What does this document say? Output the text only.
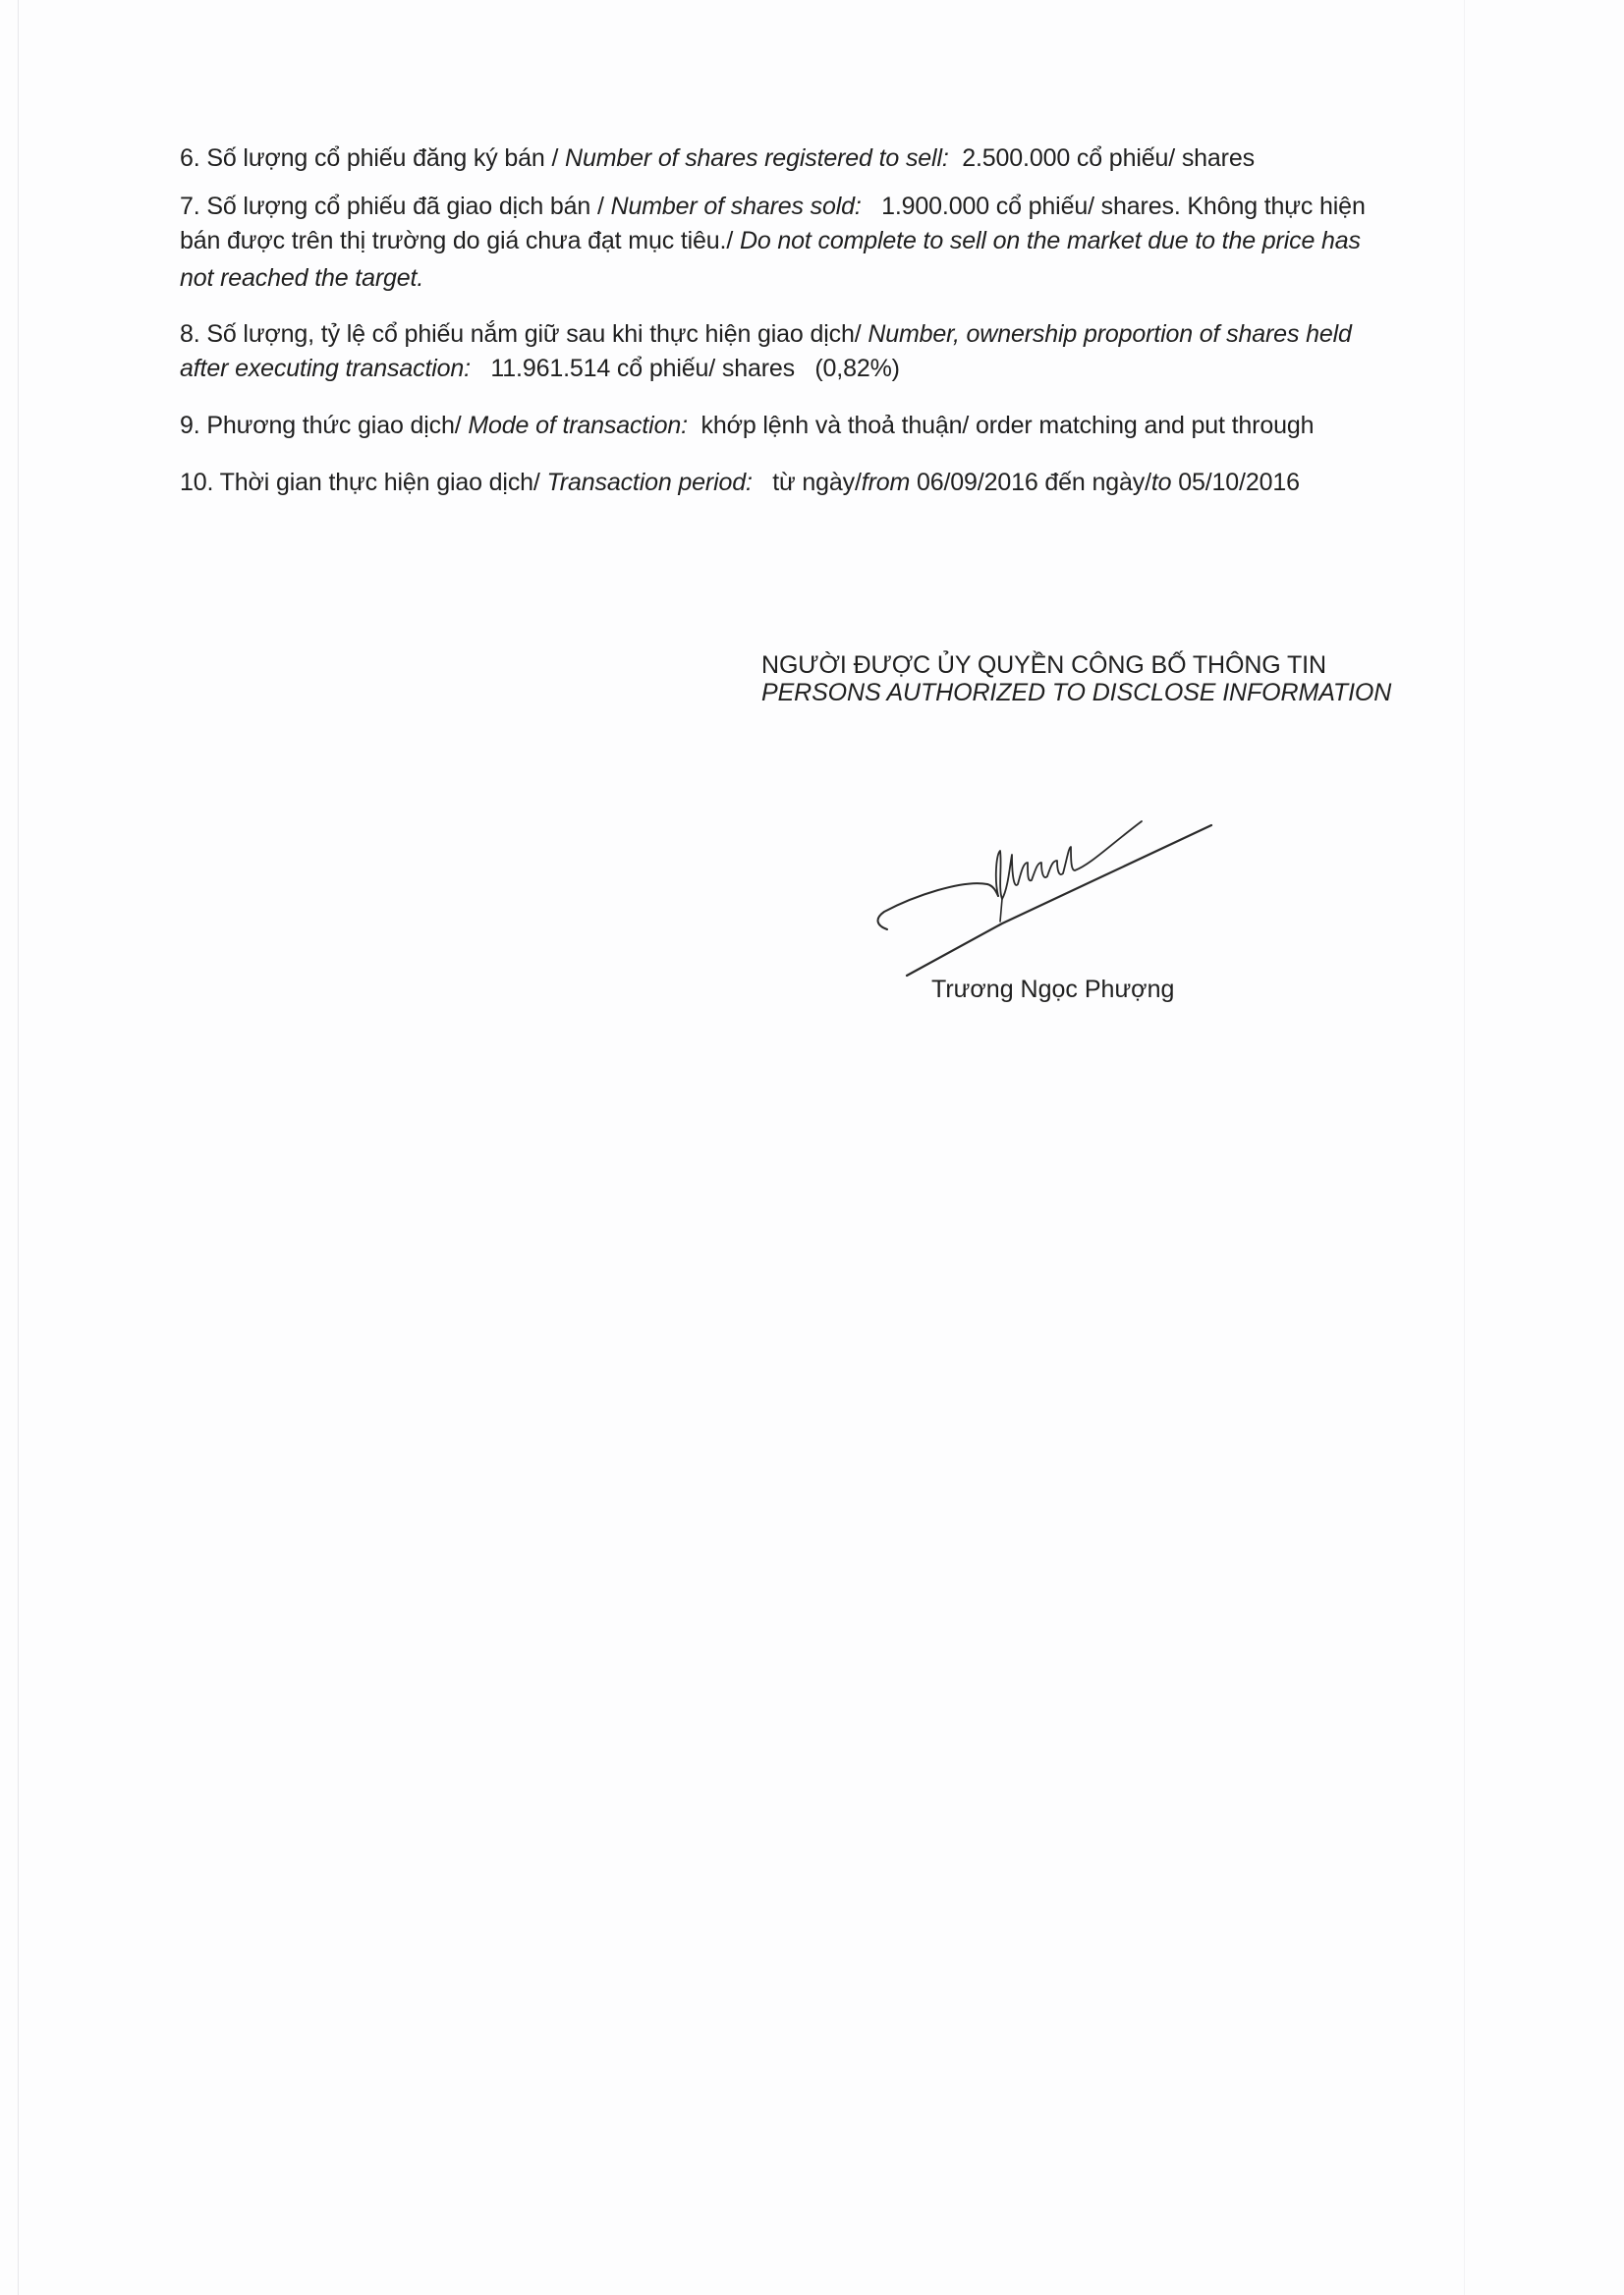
6. Số lượng cổ phiếu đăng ký bán / Number of shares registered to sell:  2.500.000 cổ phiếu/ shares
7. Số lượng cổ phiếu đã giao dịch bán / Number of shares sold:   1.900.000 cổ phiếu/ shares. Không thực hiện
bán được trên thị trường do giá chưa đạt mục tiêu./ Do not complete to sell on the market due to the price has
not reached the target.
8. Số lượng, tỷ lệ cổ phiếu nắm giữ sau khi thực hiện giao dịch/ Number, ownership proportion of shares held
after executing transaction:   11.961.514 cổ phiếu/ shares   (0,82%)
9. Phương thức giao dịch/ Mode of transaction:  khớp lệnh và thoả thuận/ order matching and put through
10. Thời gian thực hiện giao dịch/ Transaction period:   từ ngày/from 06/09/2016 đến ngày/to 05/10/2016
NGƯỜI ĐƯỢC ỦY QUYỀN CÔNG BỐ THÔNG TIN
PERSONS AUTHORIZED TO DISCLOSE INFORMATION
Trương Ngọc Phượng
